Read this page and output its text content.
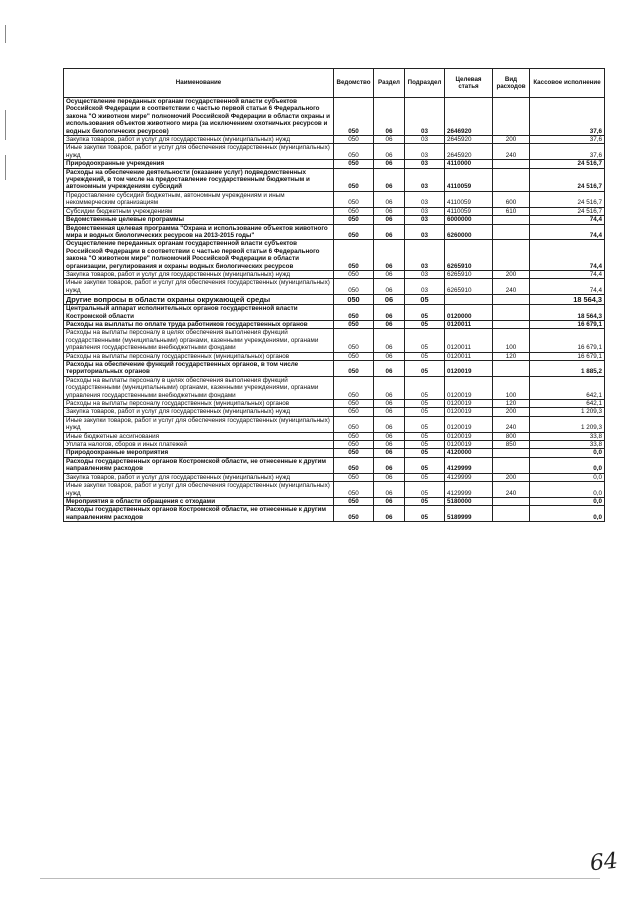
Наименование	Ведомство	Раздел	Подраздел	Целевая статья	Вид расходов	Кассовое исполнение
Осуществление переданных органам государственной власти субъектов Российской Федерации в соответствии с частью первой статьи 6 Федерального закона "О животном мире" полномочий Российской Федерации в области охраны и использования объектов животного мира (за исключением охотничьих ресурсов и водных биологичесих ресурсов)	050	06	03	2646920		37,6
Закупка товаров, работ и услуг для государственных (муниципальных) нужд	050	06	03	2645920	200	37,6
Иные закупки товаров, работ и услуг для обеспечения государственных (муниципальных) нужд	050	06	03	2645920	240	37,6
Природоохранные учреждения	050	06	03	4110000		24 516,7
Расходы на обеспечение деятельности (оказание услуг) подведомственных учреждений, в том числе на предоставление государственным бюджетным и автономным учреждениям субсидий	050	06	03	4110059		24 516,7
Предоставление субсидий бюджетным, автономным учреждениям и иным некоммерческим организациям	050	06	03	4110059	600	24 516,7
Субсидии бюджетным учреждениям	050	06	03	4110059	610	24 516,7
Ведомственные целевые программы	050	06	03	6000000		74,4
Ведомственная целевая программа "Охрана и использование объектов животного мира и водных биологических ресурсов на 2013-2015 годы"	050	06	03	6260000		74,4
Осуществление переданных органам государственной власти субъектов Российской Федерации в соответствии с частью первой статьи 6 Федерального закона "О животном мире" полномочий Российской Федерации в области организации, регулирования и охраны водных биологических ресурсов	050	06	03	6265910		74,4
Закупка товаров, работ и услуг для государственных (муниципальных) нужд	050	06	03	6265910	200	74,4
Иные закупки товаров, работ и услуг для обеспечения государственных (муниципальных) нужд	050	06	03	6265910	240	74,4
Другие вопросы в области охраны окружающей среды	050	06	05			18 564,3
Центральный аппарат исполнительных органов государственной власти Костромской области	050	06	05	0120000		18 564,3
Расходы на выплаты по оплате труда работников государственных органов	050	06	05	0120011		16 679,1
Расходы на выплаты персоналу в целях обеспечения выполнения функций государственными (муниципальными) органами, казенными учреждениями, органами управления государственными внебюджетными фондами	050	06	05	0120011	100	16 679,1
Расходы на выплаты персоналу государственных (муниципальных) органов	050	06	05	0120011	120	16 679,1
Расходы на обеспечение функций государственных органов, в том числе территориальных органов	050	06	05	0120019		1 885,2
Расходы на выплаты персоналу в целях обеспечения выполнения функций государственными (муниципальными) органами, казенными учреждениями, органами управления государственными внебюджетными фондами	050	06	05	0120019	100	642,1
Расходы на выплаты персоналу государственных (муниципальных) органов	050	06	05	0120019	120	642,1
Закупка товаров, работ и услуг для государственных (муниципальных) нужд	050	06	05	0120019	200	1 209,3
Иные закупки товаров, работ и услуг для обеспечения государственных (муниципальных) нужд	050	06	05	0120019	240	1 209,3
Иные бюджетные ассигнования	050	06	05	0120019	800	33,8
Уплата налогов, сборов и иных платежей	050	06	05	0120019	850	33,8
Природоохранные мероприятия	050	06	05	4120000		0,0
Расходы государственных органов Костромской области, не отнесенные к другим направлениям расходов	050	06	05	4129999		0,0
Закупка товаров, работ и услуг для государственных (муниципальных) нужд	050	06	05	4129999	200	0,0
Иные закупки товаров, работ и услуг для обеспечения государственных (муниципальных) нужд	050	06	05	4129999	240	0,0
Мероприятия в области обращения с отходами	050	06	05	5180000		0,0
Расходы государственных органов Костромской области, не отнесенные к другим направлениям расходов	050	06	05	5189999		0,0
64
